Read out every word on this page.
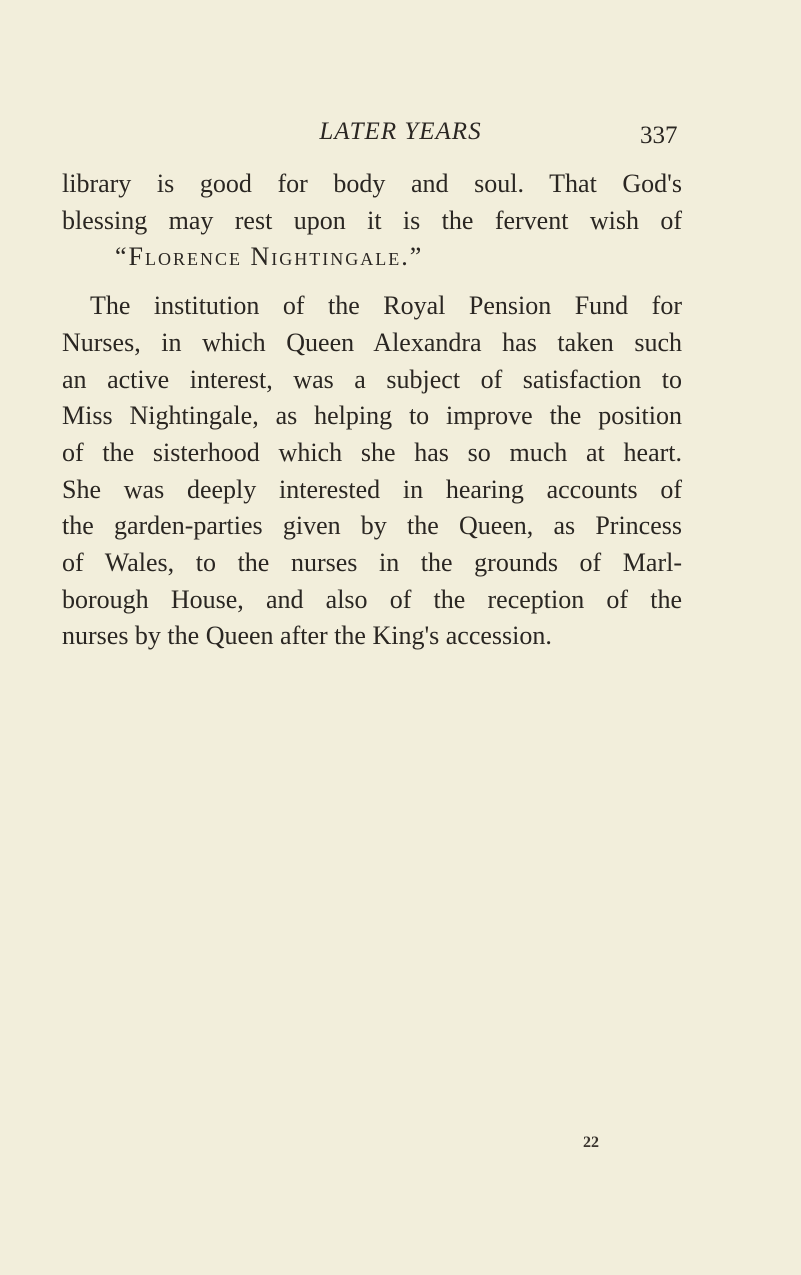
LATER YEARS	337
library is good for body and soul. That God's
blessing may rest upon it is the fervent wish of
“Florence Nightingale.”
The institution of the Royal Pension Fund for
Nurses, in which Queen Alexandra has taken such
an active interest, was a subject of satisfaction to
Miss Nightingale, as helping to improve the position
of the sisterhood which she has so much at heart.
She was deeply interested in hearing accounts of
the garden-parties given by the Queen, as Princess
of Wales, to the nurses in the grounds of Marl-
borough House, and also of the reception of the
nurses by the Queen after the King's accession.
22
